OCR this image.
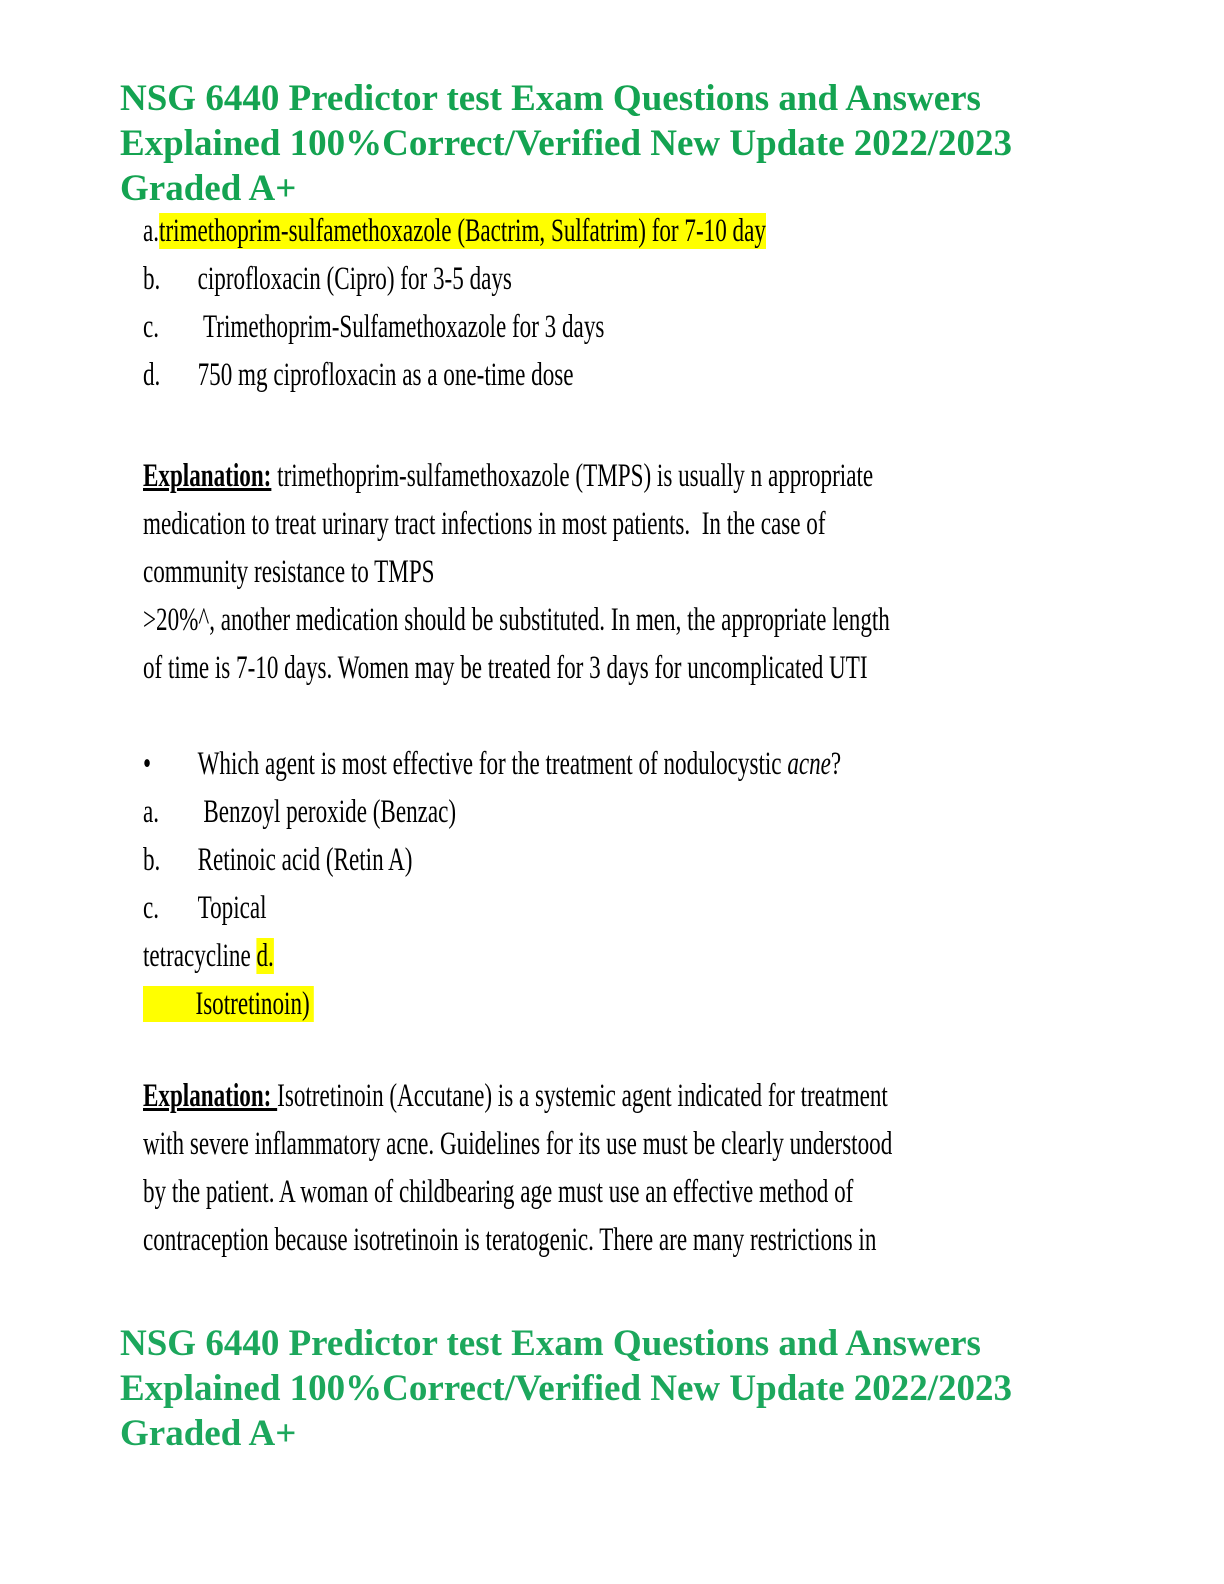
NSG 6440 Predictor test Exam Questions and Answers
Explained 100%Correct/Verified New Update 2022/2023
Graded A+
a.trimethoprim-sulfamethoxazole (Bactrim, Sulfatrim) for 7-10 day
b. ciprofloxacin (Cipro) for 3-5 days
c. Trimethoprim-Sulfamethoxazole for 3 days
d. 750 mg ciprofloxacin as a one-time dose
Explanation: trimethoprim-sulfamethoxazole (TMPS) is usually n appropriate
medication to treat urinary tract infections in most patients.  In the case of
community resistance to TMPS
>20%^, another medication should be substituted. In men, the appropriate length
of time is 7-10 days. Women may be treated for 3 days for uncomplicated UTI
• Which agent is most effective for the treatment of nodulocystic acne?
a. Benzoyl peroxide (Benzac)
b. Retinoic acid (Retin A)
c. Topical
tetracycline d.
Isotretinoin)
Explanation: Isotretinoin (Accutane) is a systemic agent indicated for treatment
with severe inflammatory acne. Guidelines for its use must be clearly understood
by the patient. A woman of childbearing age must use an effective method of
contraception because isotretinoin is teratogenic. There are many restrictions in
NSG 6440 Predictor test Exam Questions and Answers
Explained 100%Correct/Verified New Update 2022/2023
Graded A+
